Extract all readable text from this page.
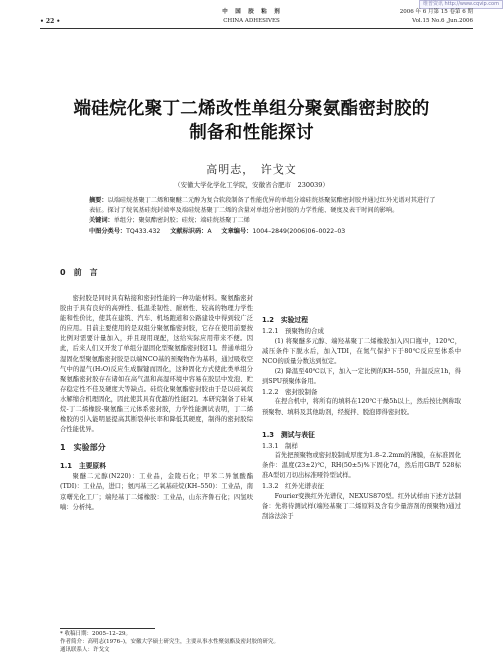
维普资讯 http://www.cqvip.com
中　国　胶　粘　剂	2006 年 6 月第 15 卷第 6 期
• 22 •	CHINA ADHESIVES	Vol.15 No.6 ,Jun.2006
端硅烷化聚丁二烯改性单组分聚氨酯密封胶的
制备和性能探讨
高明志，　许戈文
（安徽大学化学化工学院，安徽省合肥市　230039）

摘要：以端硅烷基聚丁二烯和聚醚二元醇为复合软段制备了性能优异的单组分端硅烷基聚氨酯密封胶并通过红外光谱对其进行了表征。探讨了烷氧基硅烷封端率及端硅烷基聚丁二烯的含量对单组分密封胶的力学性能、硬度及表干时间的影响。

关键词：单组分；聚氨酯密封胶；硅烷；端硅烷基聚丁二烯

中图分类号：TQ433.432 文献标识码：A 文章编号：1004–2849(2006)06–0022–03

0　前　言

密封胶是同时具有粘接和密封性能的一种功能材料。聚氨酯密封胶由于具有良好的高弹性、低温柔韧性、耐磨性、较高的物理力学性能和性价比，使其在建筑、汽车、机场跑道和公路建设中得到较广泛的应用。目前主要使用的是双组分聚氨酯密封胶，它存在使用前要按比例对需要计量加入，并且现用现配，这给实际应用带来不便。因此，后来人们又开发了单组分湿固化型聚氨酯密封胶[1]。普通单组分湿固化型聚氨酯密封胶是以端NCO基的预聚物作为基料，通过吸收空气中的湿气(H₂O)反应生成脲键而固化，这种固化方式使此类单组分聚氨酯密封胶存在诸如在高气温和高湿环境中容易在胶层中发泡、贮存稳定性不佳及硬度大等缺点。硅烷化聚氨酯密封胶由于是以硅氧烷水解缩合机理固化，因此使其具有优越的性能[2]。本研究制备了硅氧烷-丁二烯橡胶-聚氨酯三元体系密封胶，力学性能测试表明，丁二烯橡胶的引入能明显提高其断裂伸长率和降低其硬度，制得的密封胶综合性能优异。

1　实验部分
1.1　主要原料

聚醚二元醇(N220)：工业品，金陵石化；甲苯二异氰酸酯(TDI)：工业品，进口；氨丙基三乙氧基硅烷(KH–550)：工业品，南京曙光化工厂；端羟基丁二烯橡胶：工业品，山东齐鲁石化；四氢呋喃：分析纯。

1.2　实验过程
1.2.1　预聚物的合成

(1) 将聚醚多元醇、端羟基聚丁二烯橡胶加入四口瓶中，120℃，减压条件下脱水后，加入TDI，在氮气保护下于80℃反应至体系中NCO的质量分数达到恒定。

(2) 降温至40℃以下，加入一定比例的KH–550，升温反应1h，得到SPU预聚体备用。

1.2.2　密封胶制备

在捏合机中，将所有的填料在120℃干燥5h以上，然后按比例称取预聚物、填料及其他助剂，经搅拌、脱泡即得密封胶。

1.3　测试与表征
1.3.1　制样

首先把预聚物或密封胶制成厚度为1.8–2.2mm的薄膜，在标准固化条件：温度(23±2)℃，RH(50±5)%下固化7d，然后用GB/T 528标准A型切刀切出标准哑铃型试样。

1.3.2　红外光谱表征

Fourier变换红外光谱仪，NEXUS870型。红外试样由下述方法制备：先将待测试样(端羟基聚丁二烯原料及含有少量溶剂的预聚物)通过刮涂法涂于

* 收稿日期：2005–12–29。
作者简介：高明志(1976–)，安徽大学硕士研究生，主要从事水性聚氨酯及密封胶的研究。
通讯联系人：许戈文
